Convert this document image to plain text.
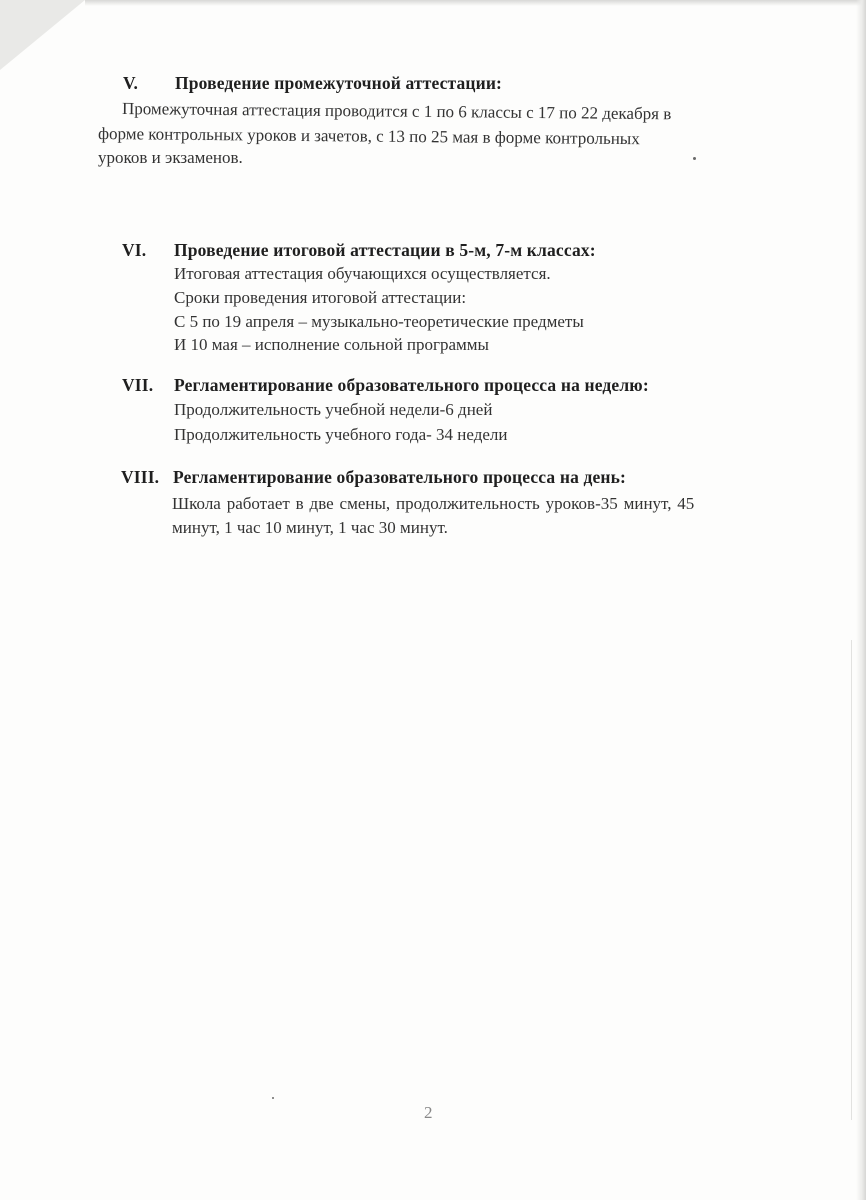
V. Проведение промежуточной аттестации:
Промежуточная аттестация проводится с 1 по 6 классы с 17 по 22 декабря в
форме контрольных уроков и зачетов, с 13 по 25 мая в форме контрольных
уроков и экзаменов.
VI. Проведение итоговой аттестации в 5-м, 7-м классах:
Итоговая аттестация обучающихся осуществляется.
Сроки проведения итоговой аттестации:
С 5 по 19 апреля – музыкально-теоретические предметы
И 10 мая – исполнение сольной программы
VII. Регламентирование образовательного процесса на неделю:
Продолжительность учебной недели-6 дней
Продолжительность учебного года- 34 недели
VIII. Регламентирование образовательного процесса на день:
Школа работает в две смены, продолжительность уроков-35 минут, 45
минут, 1 час 10 минут, 1 час 30 минут.
2
